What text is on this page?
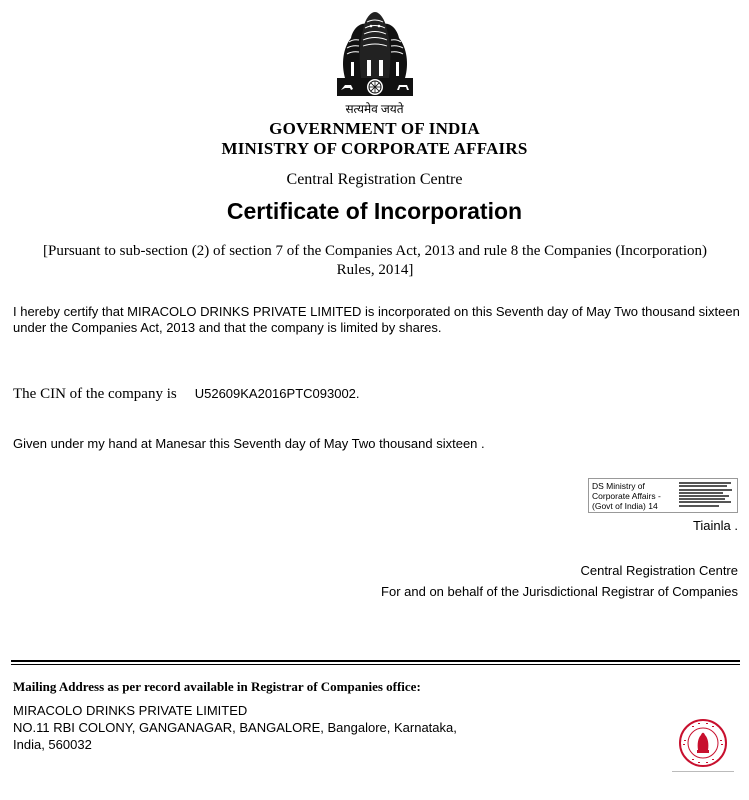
सत्यमेव जयते
GOVERNMENT OF INDIA
MINISTRY OF CORPORATE AFFAIRS
Central Registration Centre
Certificate of Incorporation
[Pursuant to sub-section (2) of section 7 of the Companies Act, 2013 and rule 8 the Companies (Incorporation) Rules, 2014]
I hereby certify that MIRACOLO DRINKS PRIVATE LIMITED is incorporated on this Seventh day of May Two thousand sixteen under the Companies Act, 2013 and that the company is limited by shares.
The CIN of the company is U52609KA2016PTC093002.
Given under my hand at Manesar this Seventh day of May Two thousand sixteen .
DS Ministry of Corporate Affairs - (Govt of India) 14
Tiainla .
Central Registration Centre
For and on behalf of the Jurisdictional Registrar of Companies
Mailing Address as per record available in Registrar of Companies office:
MIRACOLO DRINKS PRIVATE LIMITED
NO.11 RBI COLONY, GANGANAGAR, BANGALORE, Bangalore, Karnataka,
India, 560032
